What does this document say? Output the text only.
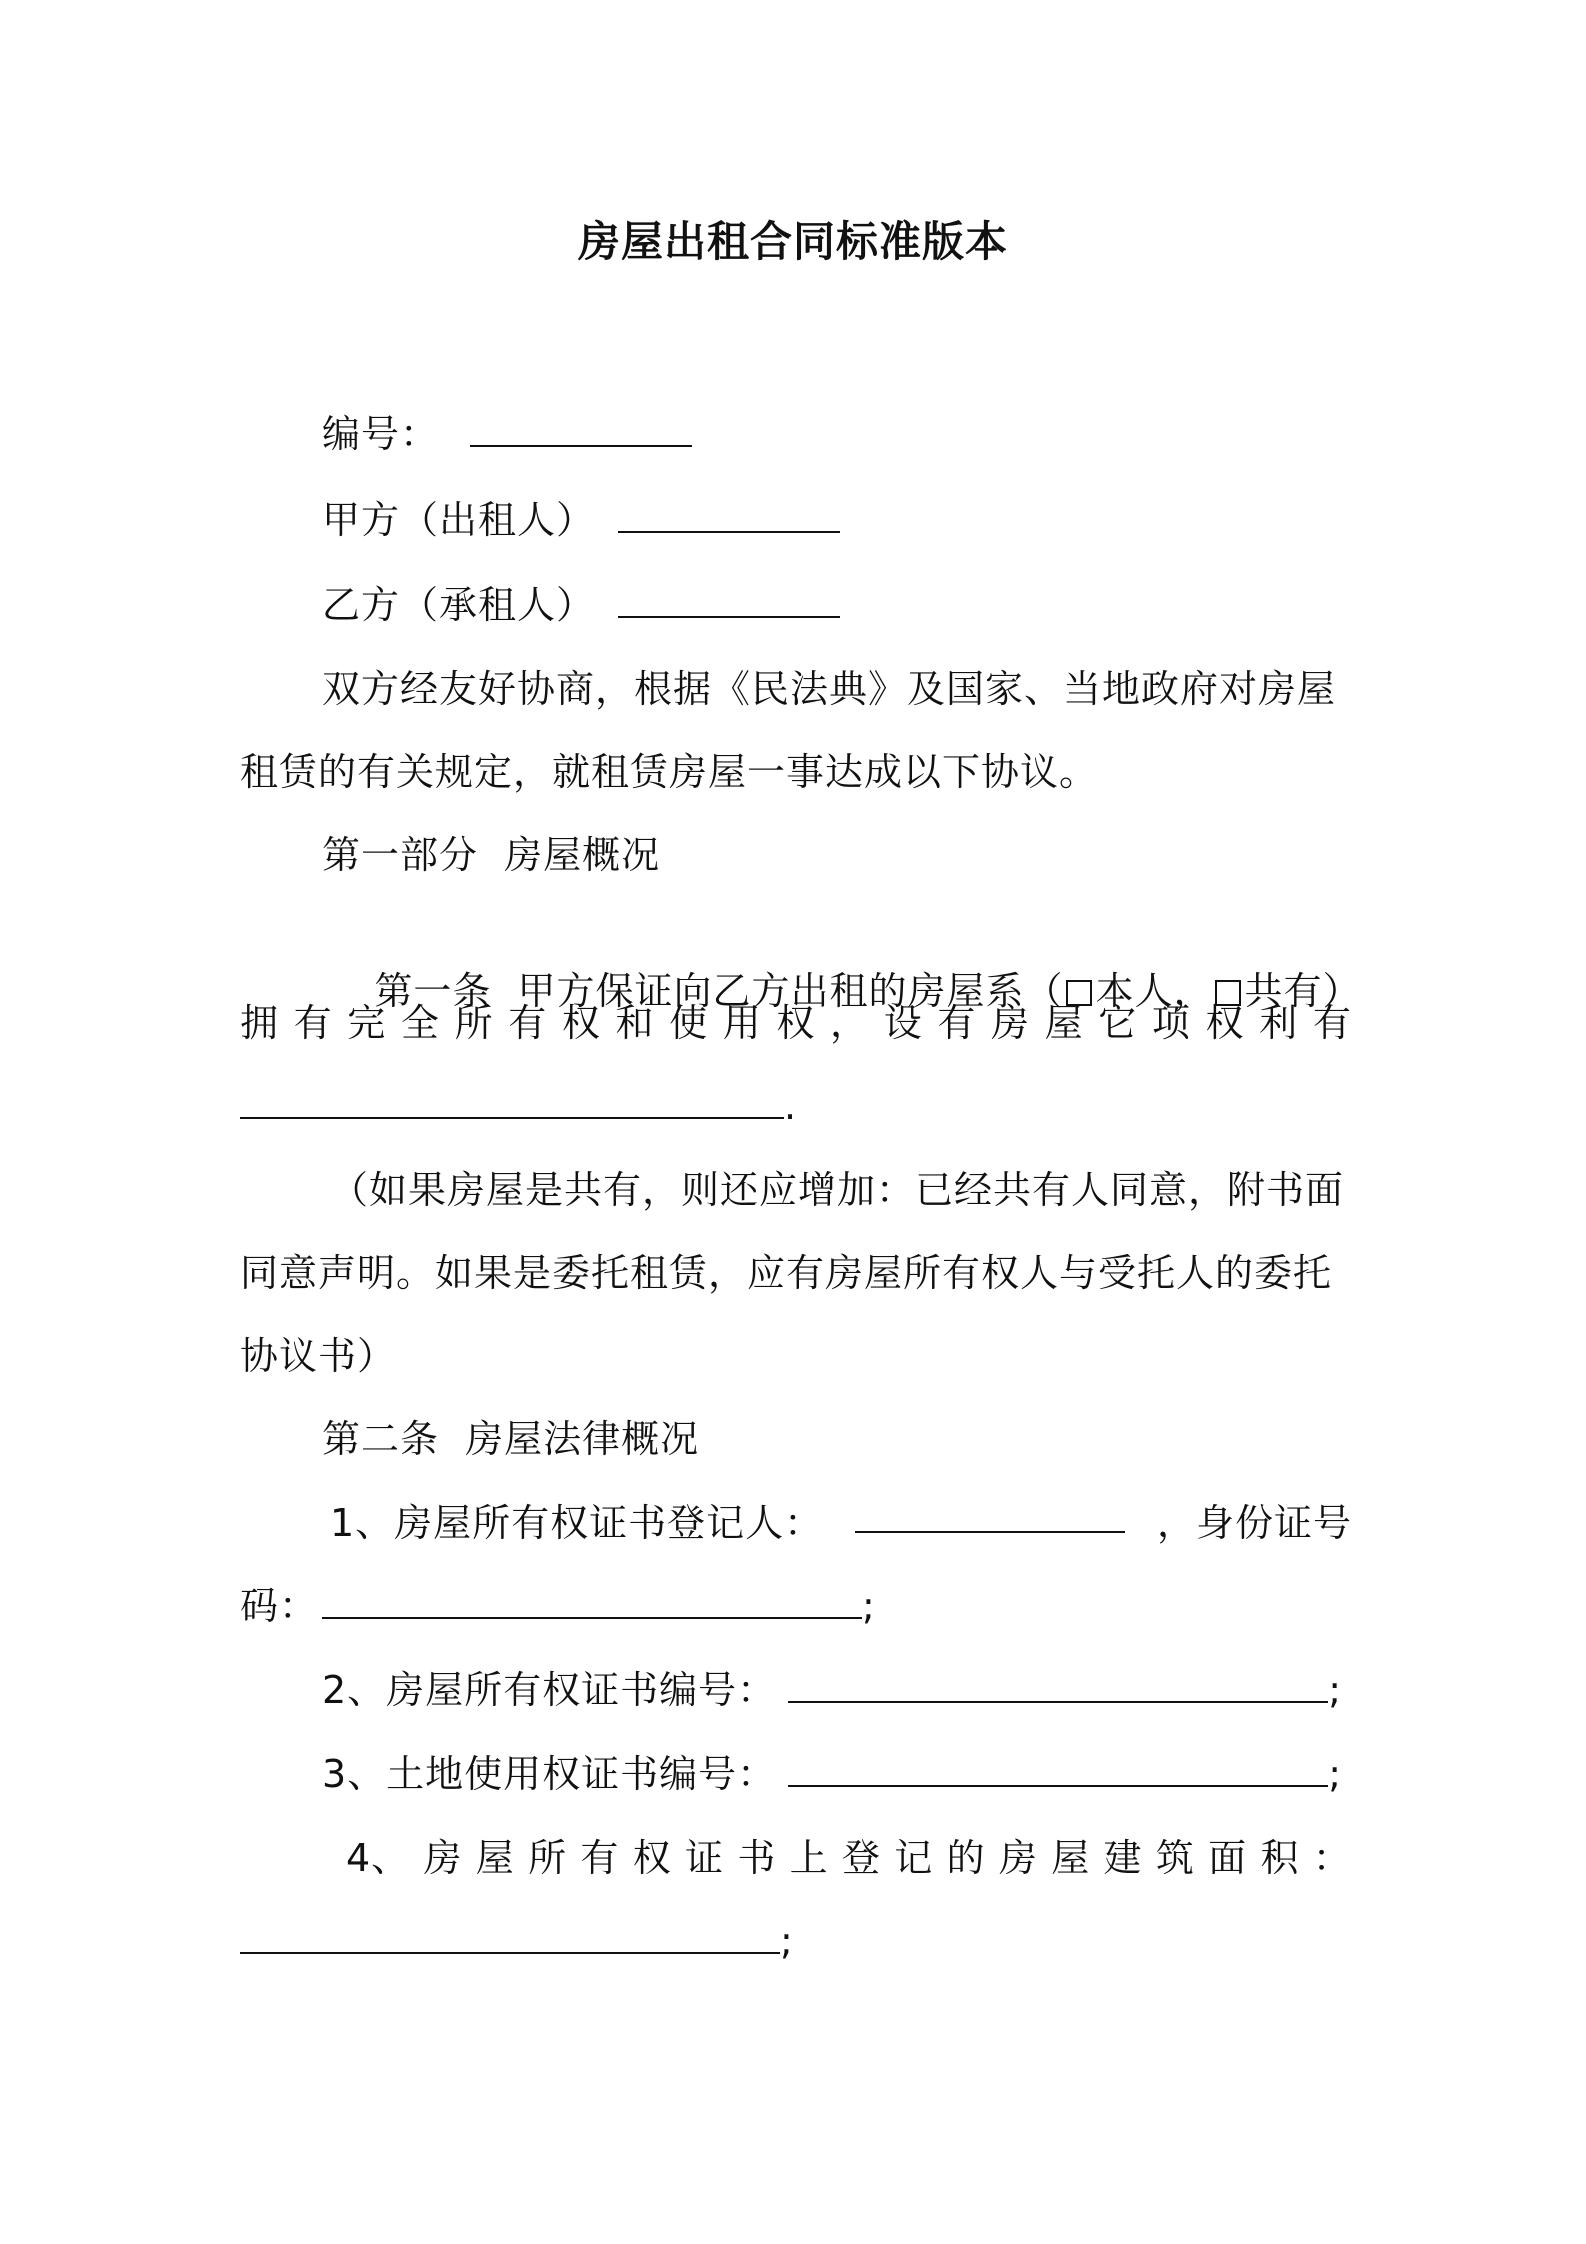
房屋出租合同标准版本
编号：
甲方（出租人）
乙方（承租人）
双方经友好协商，根据《民法典》及国家、当地政府对房屋
租赁的有关规定，就租赁房屋一事达成以下协议。
第一部分  房屋概况

第一条  甲方保证向乙方出租的房屋系（ 本人， 共有）

拥 有 完 全 所 有 权 和 使 用 权 ， 设 有 房 屋 它 项 权 利 有
.
（如果房屋是共有，则还应增加：已经共有人同意，附书面
同意声明。如果是委托租赁，应有房屋所有权人与受托人的委托
协议书）
第二条  房屋法律概况
1、房屋所有权证书登记人：	，身份证号
码：	;
2、房屋所有权证书编号：	;
3、土地使用权证书编号：	;
4、 房 屋 所 有 权 证 书 上 登 记 的 房 屋 建 筑 面 积 ：
;
